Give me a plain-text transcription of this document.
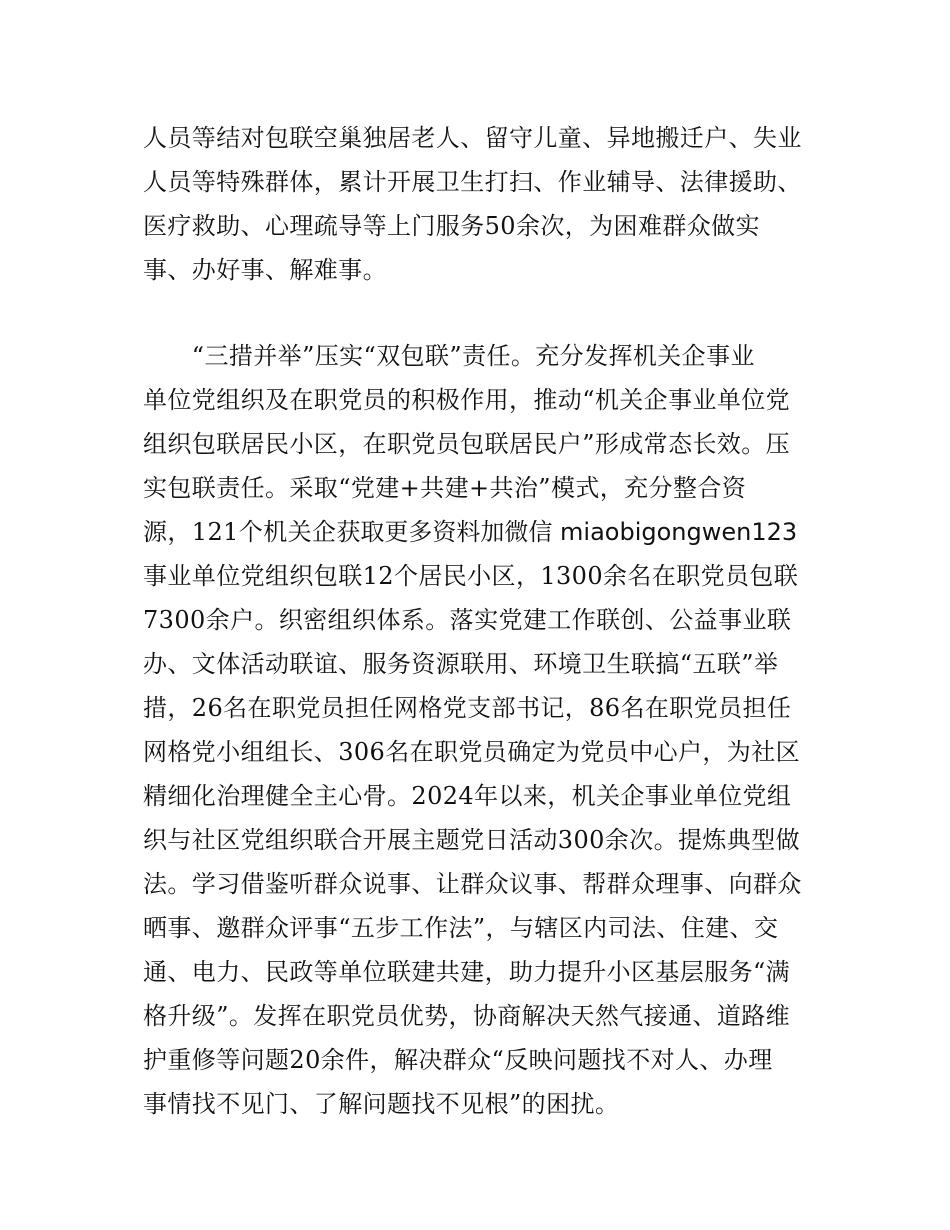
人员等结对包联空巢独居老人、留守儿童、异地搬迁户、失业
人员等特殊群体，累计开展卫生打扫、作业辅导、法律援助、
医疗救助、心理疏导等上门服务50余次，为困难群众做实
事、办好事、解难事。
　　“三措并举”压实“双包联”责任。充分发挥机关企事业
单位党组织及在职党员的积极作用，推动“机关企事业单位党
组织包联居民小区，在职党员包联居民户”形成常态长效。压
实包联责任。采取“党建+共建+共治”模式，充分整合资
源，121个机关企获取更多资料加微信 miaobigongwen123
事业单位党组织包联12个居民小区，1300余名在职党员包联
7300余户。织密组织体系。落实党建工作联创、公益事业联
办、文体活动联谊、服务资源联用、环境卫生联搞“五联”举
措，26名在职党员担任网格党支部书记，86名在职党员担任
网格党小组组长、306名在职党员确定为党员中心户，为社区
精细化治理健全主心骨。2024年以来，机关企事业单位党组
织与社区党组织联合开展主题党日活动300余次。提炼典型做
法。学习借鉴听群众说事、让群众议事、帮群众理事、向群众
晒事、邀群众评事“五步工作法”，与辖区内司法、住建、交
通、电力、民政等单位联建共建，助力提升小区基层服务“满
格升级”。发挥在职党员优势，协商解决天然气接通、道路维
护重修等问题20余件，解决群众“反映问题找不对人、办理
事情找不见门、了解问题找不见根”的困扰。
